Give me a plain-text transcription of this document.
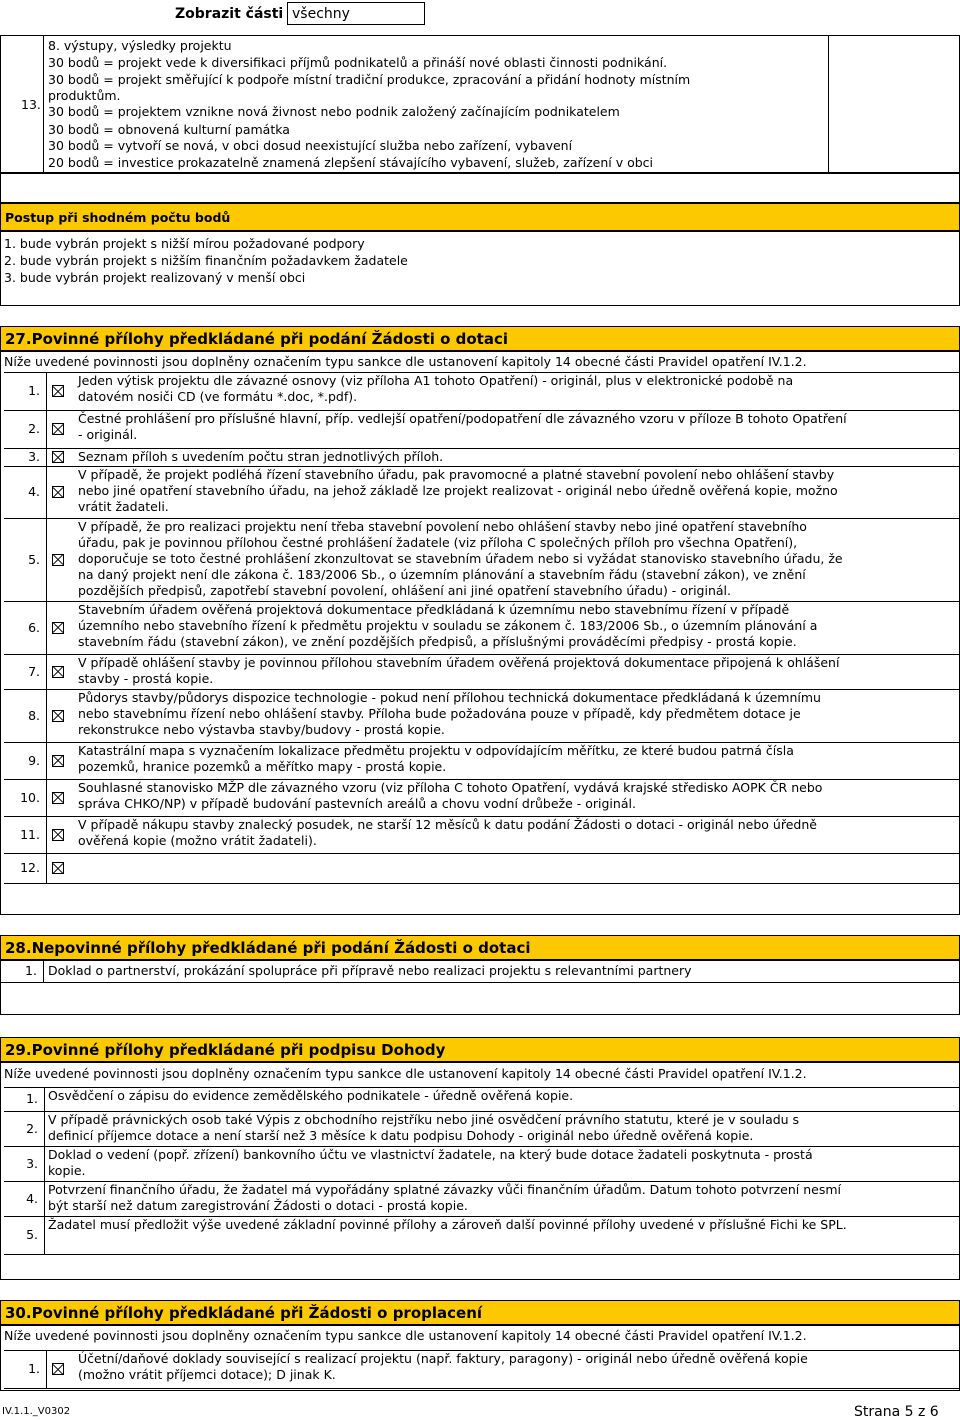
Zobrazit části všechny
13.
Postup při shodném počtu bodů
27.Povinné přílohy předkládané při podání Žádosti o dotaci
Níže uvedené povinnosti jsou doplněny označením typu sankce dle ustanovení kapitoly 14 obecné části Pravidel opatření IV.1.2.
28.Nepovinné přílohy předkládané při podání Žádosti o dotaci
1. Doklad o partnerství, prokázání spolupráce při přípravě nebo realizaci projektu s relevantními partnery
29.Povinné přílohy předkládané při podpisu Dohody
Níže uvedené povinnosti jsou doplněny označením typu sankce dle ustanovení kapitoly 14 obecné části Pravidel opatření IV.1.2.
30.Povinné přílohy předkládané při Žádosti o proplacení
Níže uvedené povinnosti jsou doplněny označením typu sankce dle ustanovení kapitoly 14 obecné části Pravidel opatření IV.1.2.
IV.1.1._V0302	Strana 5 z 6
8. výstupy, výsledky projektu
30 bodů = projekt vede k diversifikaci příjmů podnikatelů a přináší nové oblasti činnosti podnikání.
30 bodů = projekt směřující k podpoře místní tradiční produkce, zpracování a přidání hodnoty místním
produktům.
30 bodů = projektem vznikne nová živnost nebo podnik založený začínajícím podnikatelem
30 bodů = obnovená kulturní památka
30 bodů = vytvoří se nová, v obci dosud neexistující služba nebo zařízení, vybavení
20 bodů = investice prokazatelně znamená zlepšení stávajícího vybavení, služeb, zařízení v obci
1. bude vybrán projekt s nižší mírou požadované podpory
2. bude vybrán projekt s nižším finančním požadavkem žadatele
3. bude vybrán projekt realizovaný v menší obci
1.
Jeden výtisk projektu dle závazné osnovy (viz příloha A1 tohoto Opatření) - originál, plus v elektronické podobě na
datovém nosiči CD (ve formátu *.doc, *.pdf).
2.
Čestné prohlášení pro příslušné hlavní, příp. vedlejší opatření/podopatření dle závazného vzoru v příloze B tohoto Opatření
- originál.
3.	Seznam příloh s uvedením počtu stran jednotlivých příloh.
4.
V případě, že projekt podléhá řízení stavebního úřadu, pak pravomocné a platné stavební povolení nebo ohlášení stavby
nebo jiné opatření stavebního úřadu, na jehož základě lze projekt realizovat - originál nebo úředně ověřená kopie, možno
vrátit žadateli.
5.
V případě, že pro realizaci projektu není třeba stavební povolení nebo ohlášení stavby nebo jiné opatření stavebního
úřadu, pak je povinnou přílohou čestné prohlášení žadatele (viz příloha C společných příloh pro všechna Opatření),
doporučuje se toto čestné prohlášení zkonzultovat se stavebním úřadem nebo si vyžádat stanovisko stavebního úřadu, že
na daný projekt není dle zákona č. 183/2006 Sb., o územním plánování a stavebním řádu (stavební zákon), ve znění
pozdějších předpisů, zapotřebí stavební povolení, ohlášení ani jiné opatření stavebního úřadu) - originál.
6.
Stavebním úřadem ověřená projektová dokumentace předkládaná k územnímu nebo stavebnímu řízení v případě
územního nebo stavebního řízení k předmětu projektu v souladu se zákonem č. 183/2006 Sb., o územním plánování a
stavebním řádu (stavební zákon), ve znění pozdějších předpisů, a příslušnými prováděcími předpisy - prostá kopie.
7.
V případě ohlášení stavby je povinnou přílohou stavebním úřadem ověřená projektová dokumentace připojená k ohlášení
stavby - prostá kopie.
8.
Půdorys stavby/půdorys dispozice technologie - pokud není přílohou technická dokumentace předkládaná k územnímu
nebo stavebnímu řízení nebo ohlášení stavby. Příloha bude požadována pouze v případě, kdy předmětem dotace je
rekonstrukce nebo výstavba stavby/budovy - prostá kopie.
9.
Katastrální mapa s vyznačením lokalizace předmětu projektu v odpovídajícím měřítku, ze které budou patrná čísla
pozemků, hranice pozemků a měřítko mapy - prostá kopie.
10.
Souhlasné stanovisko MŽP dle závazného vzoru (viz příloha C tohoto Opatření, vydává krajské středisko AOPK ČR nebo
správa CHKO/NP) v případě budování pastevních areálů a chovu vodní drůbeže - originál.
11.
V případě nákupu stavby znalecký posudek, ne starší 12 měsíců k datu podání Žádosti o dotaci - originál nebo úředně
ověřená kopie (možno vrátit žadateli).
12.
1. Osvědčení o zápisu do evidence zemědělského podnikatele - úředně ověřená kopie.
2.
V případě právnických osob také Výpis z obchodního rejstříku nebo jiné osvědčení právního statutu, které je v souladu s
definicí příjemce dotace a není starší než 3 měsíce k datu podpisu Dohody - originál nebo úředně ověřená kopie.
3.
Doklad o vedení (popř. zřízení) bankovního účtu ve vlastnictví žadatele, na který bude dotace žadateli poskytnuta - prostá
kopie.
4.
Potvrzení finančního úřadu, že žadatel má vypořádány splatné závazky vůči finančním úřadům. Datum tohoto potvrzení nesmí
být starší než datum zaregistrování Žádosti o dotaci - prostá kopie.
5.
Žadatel musí předložit výše uvedené základní povinné přílohy a zároveň další povinné přílohy uvedené v příslušné Fichi ke SPL.
1.
Účetní/daňové doklady související s realizací projektu (např. faktury, paragony) - originál nebo úředně ověřená kopie
(možno vrátit příjemci dotace); D jinak K.
